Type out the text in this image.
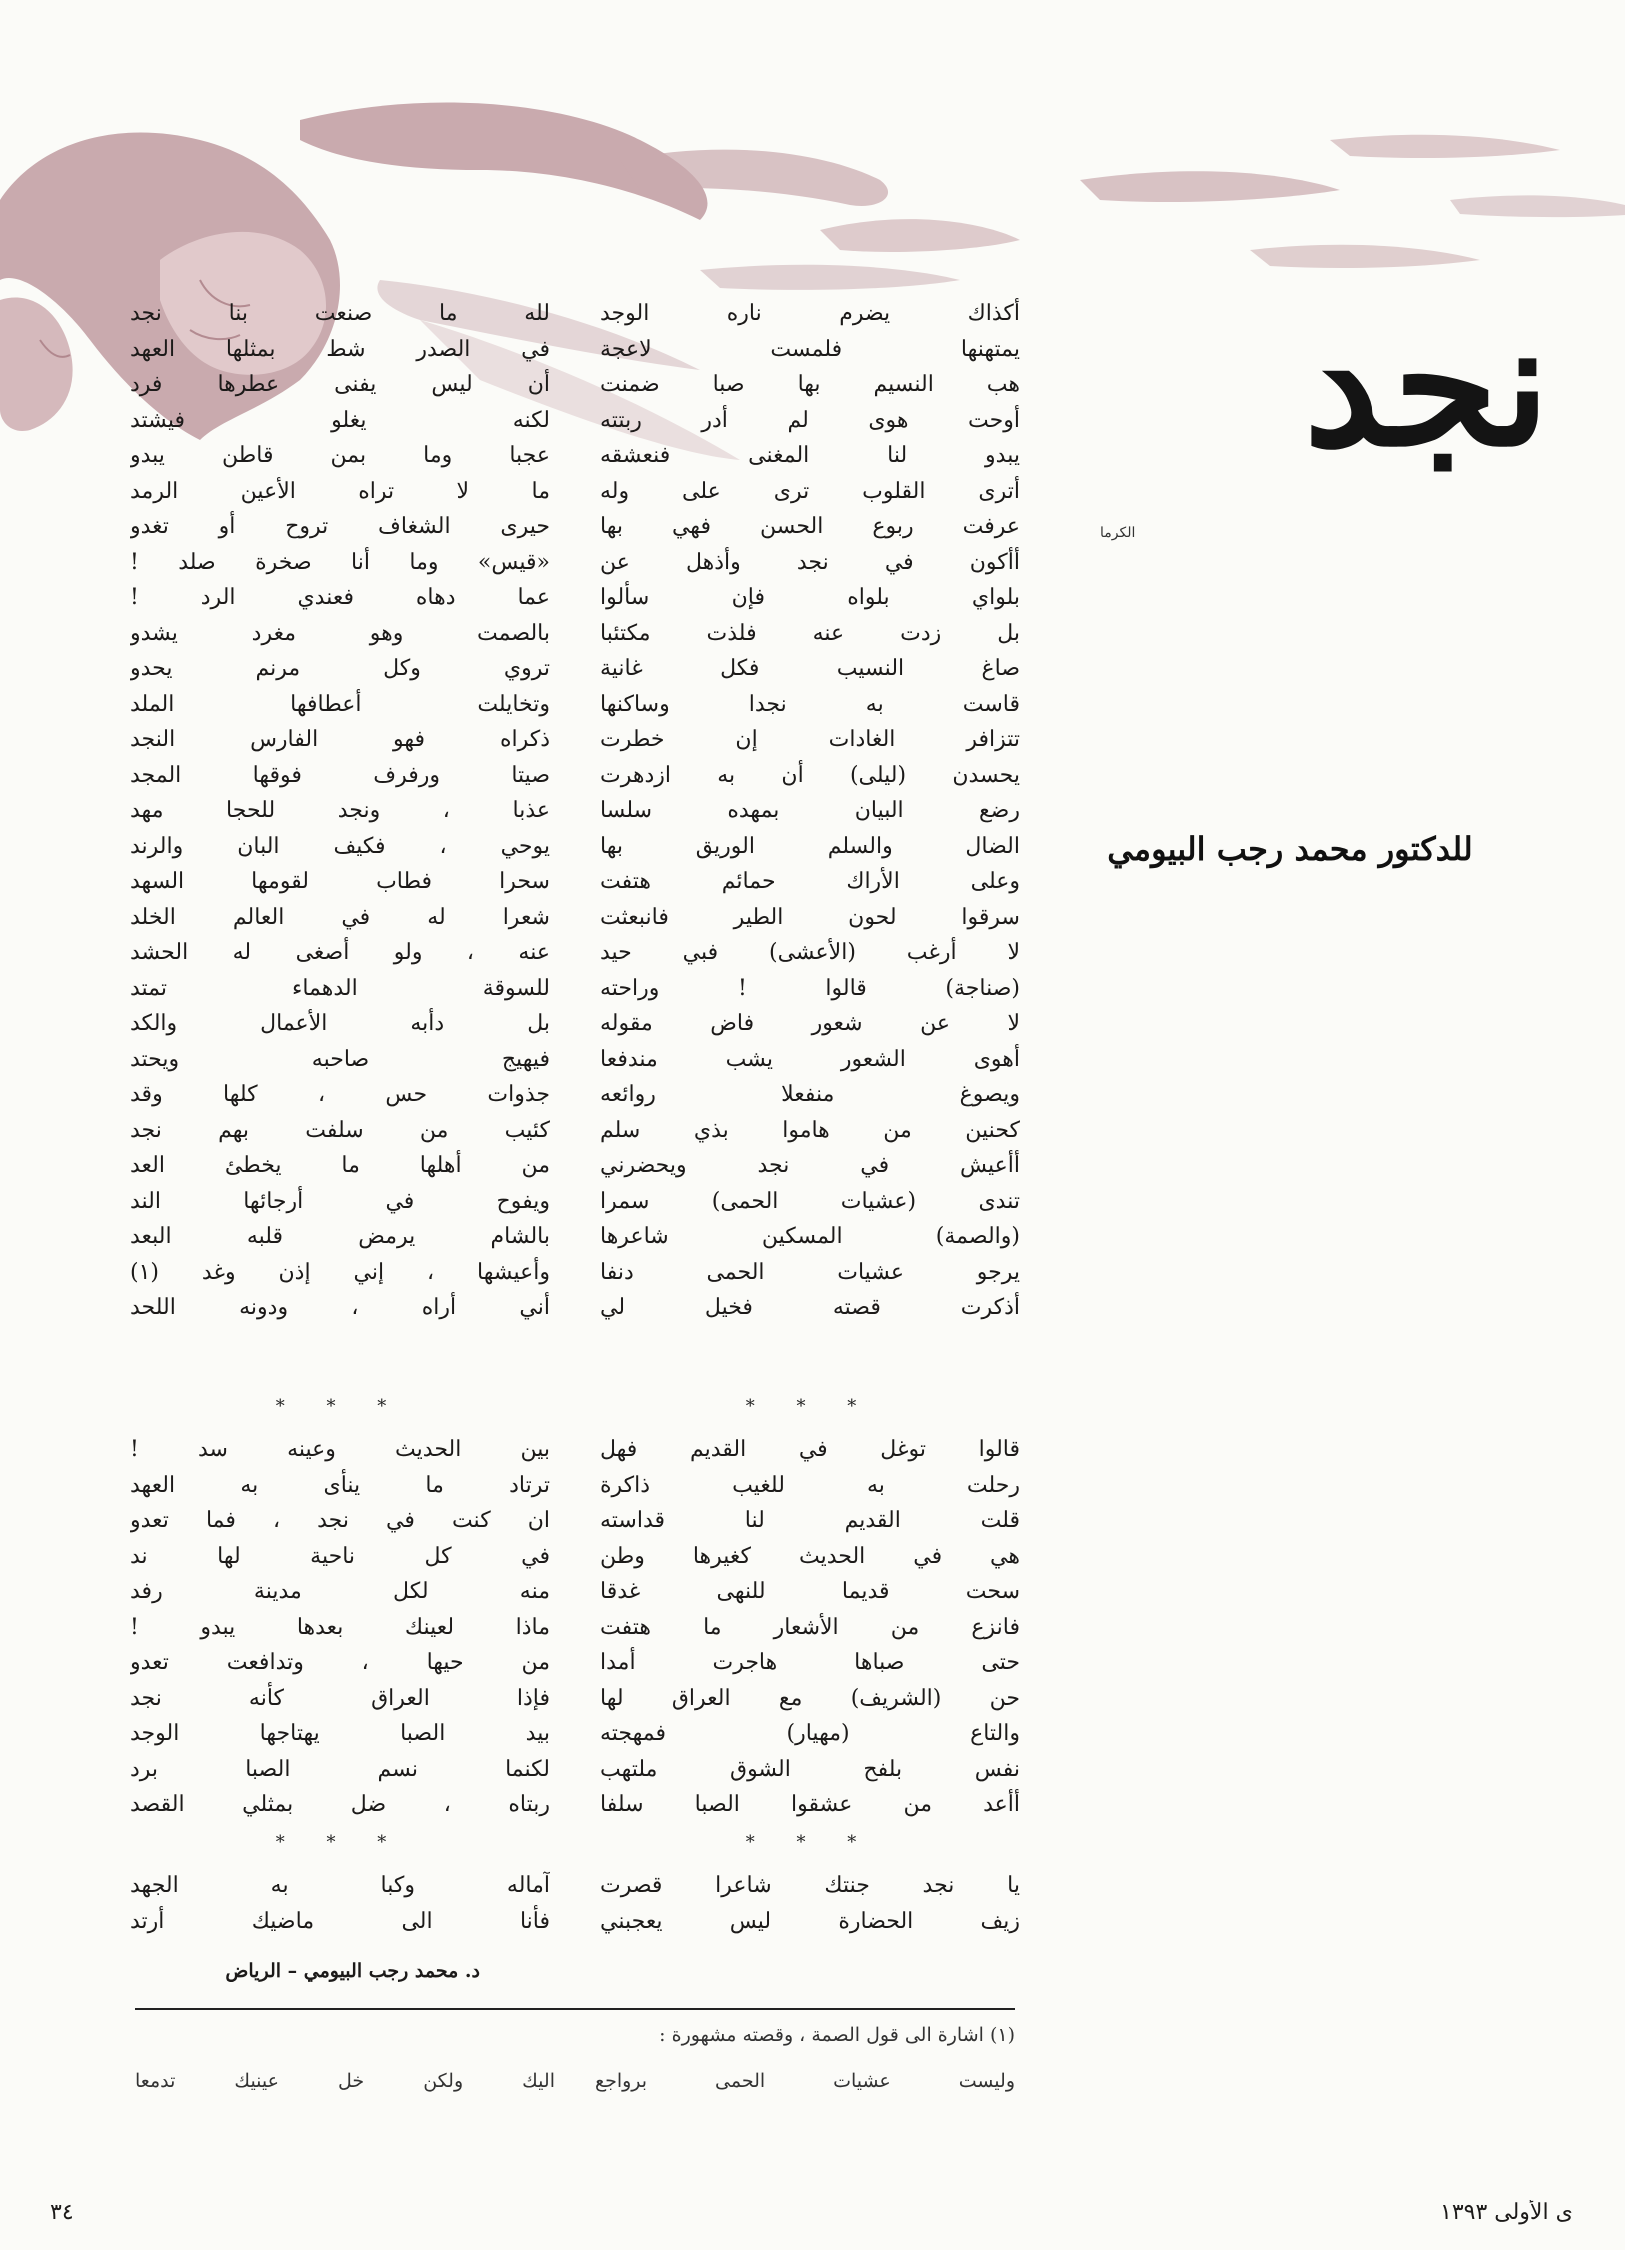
نجد
الكرما
للدكتور محمد رجب البيومي
أكذاك يضرم ناره الوجد
يمتهنها فلمست لاعجة
هب النسيم بها صبا ضمنت
أوحت هوى لم أدر ربتته
يبدو لنا المغنى فنعشقه
أترى القلوب ترى على وله
عرفت ربوع الحسن فهي بها
أأكون في نجد وأذهل عن
بلواي بلواه فإن سألوا
بل زدت عنه فلذت مكتئبا
صاغ النسيب فكل غانية
قاست به نجدا وساكنها
تتزافر الغادات إن خطرت
يحسدن (ليلى) أن به ازدهرت
رضع البيان بمهده سلسا
الضال والسلم الوريق بها
وعلى الأراك حمائم هتفت
سرقوا لحون الطير فانبعثت
لا أرغب (الأعشى) فبي حيد
(صناجة) قالوا ! وراحته
لا عن شعور فاض مقوله
أهوى الشعور يشب مندفعا
ويصوغ منفعلا روائعه
كحنين من هاموا بذي سلم
أأعيش في نجد ويحضرني
تندى (عشيات الحمى) سمرا
(والصمة) المسكين شاعرها
يرجو عشيات الحمى دنفا
أذكرت قصته فخيل لي
لله ما صنعت بنا نجد
في الصدر شط بمثلها العهد
أن ليس يفنى عطرها فرد
لكنه يغلو فيشتد
عجبا وما بمن قاطن يبدو
ما لا تراه الأعين الرمد
حيرى الشغاف تروح أو تغدو
«قيس» وما أنا صخرة صلد !
عما دهاه فعندي الرد !
بالصمت وهو مغرد يشدو
تروي وكل مرنم يحدو
وتخايلت أعطافها الملد
ذكراه فهو الفارس النجد
صيتا ورفرف فوقها المجد
عذبا ، ونجد للحجا مهد
يوحي ، فكيف البان والرند
سحرا فطاب لقومها السهد
شعرا له في العالم الخلد
عنه ، ولو أصغى له الحشد
للسوقة الدهماء تمتد
بل دأبه الأعمال والكد
فيهيج صاحبه ويحتد
جذوات حس ، كلها وقد
كئيب من سلفت بهم نجد
من أهلها ما يخطئ العد
ويفوح في أرجائها الند
بالشام يرمض قلبه البعد
وأعيشها ، إني إذن وغد (١)
أني أراه ، ودونه اللحد
* * *
* * *
قالوا توغل في القديم فهل
رحلت به للغيب ذاكرة
قلت القديم لنا قداسته
هي في الحديث كغيرها وطن
سحت قديما للنهى غدقا
فانزع من الأشعار ما هتفت
حتى صباها هاجرت أمدا
حن (الشريف) مع العراق لها
والتاع (مهيار) فمهجته
نفس بلفح الشوق ملتهب
أأعد من عشقوا الصبا سلفا
بين الحديث وعينه سد !
ترتاد ما ينأى به العهد
ان كنت في نجد ، فما تعدو
في كل ناحية لها ند
منه لكل مدينة رفد
ماذا لعينك بعدها يبدو !
من حيها ، وتدافعت تعدو
فإذا العراق كأنه نجد
بيد الصبا يهتاجها الوجد
لكنما نسم الصبا برد
ربتاه ، ضل بمثلي القصد
* * *
* * *
يا نجد جنتك شاعرا قصرت
زيف الحضارة ليس يعجبني
آماله وكبا به الجهد
فأنا الى ماضيك أرتد
د. محمد رجب البيومي – الرياض
(١) اشارة الى قول الصمة ، وقصته مشهورة :
وليست عشيات الحمى برواجع
اليك ولكن خل عينيك تدمعا
٣٤	ى الأولى ١٣٩٣
